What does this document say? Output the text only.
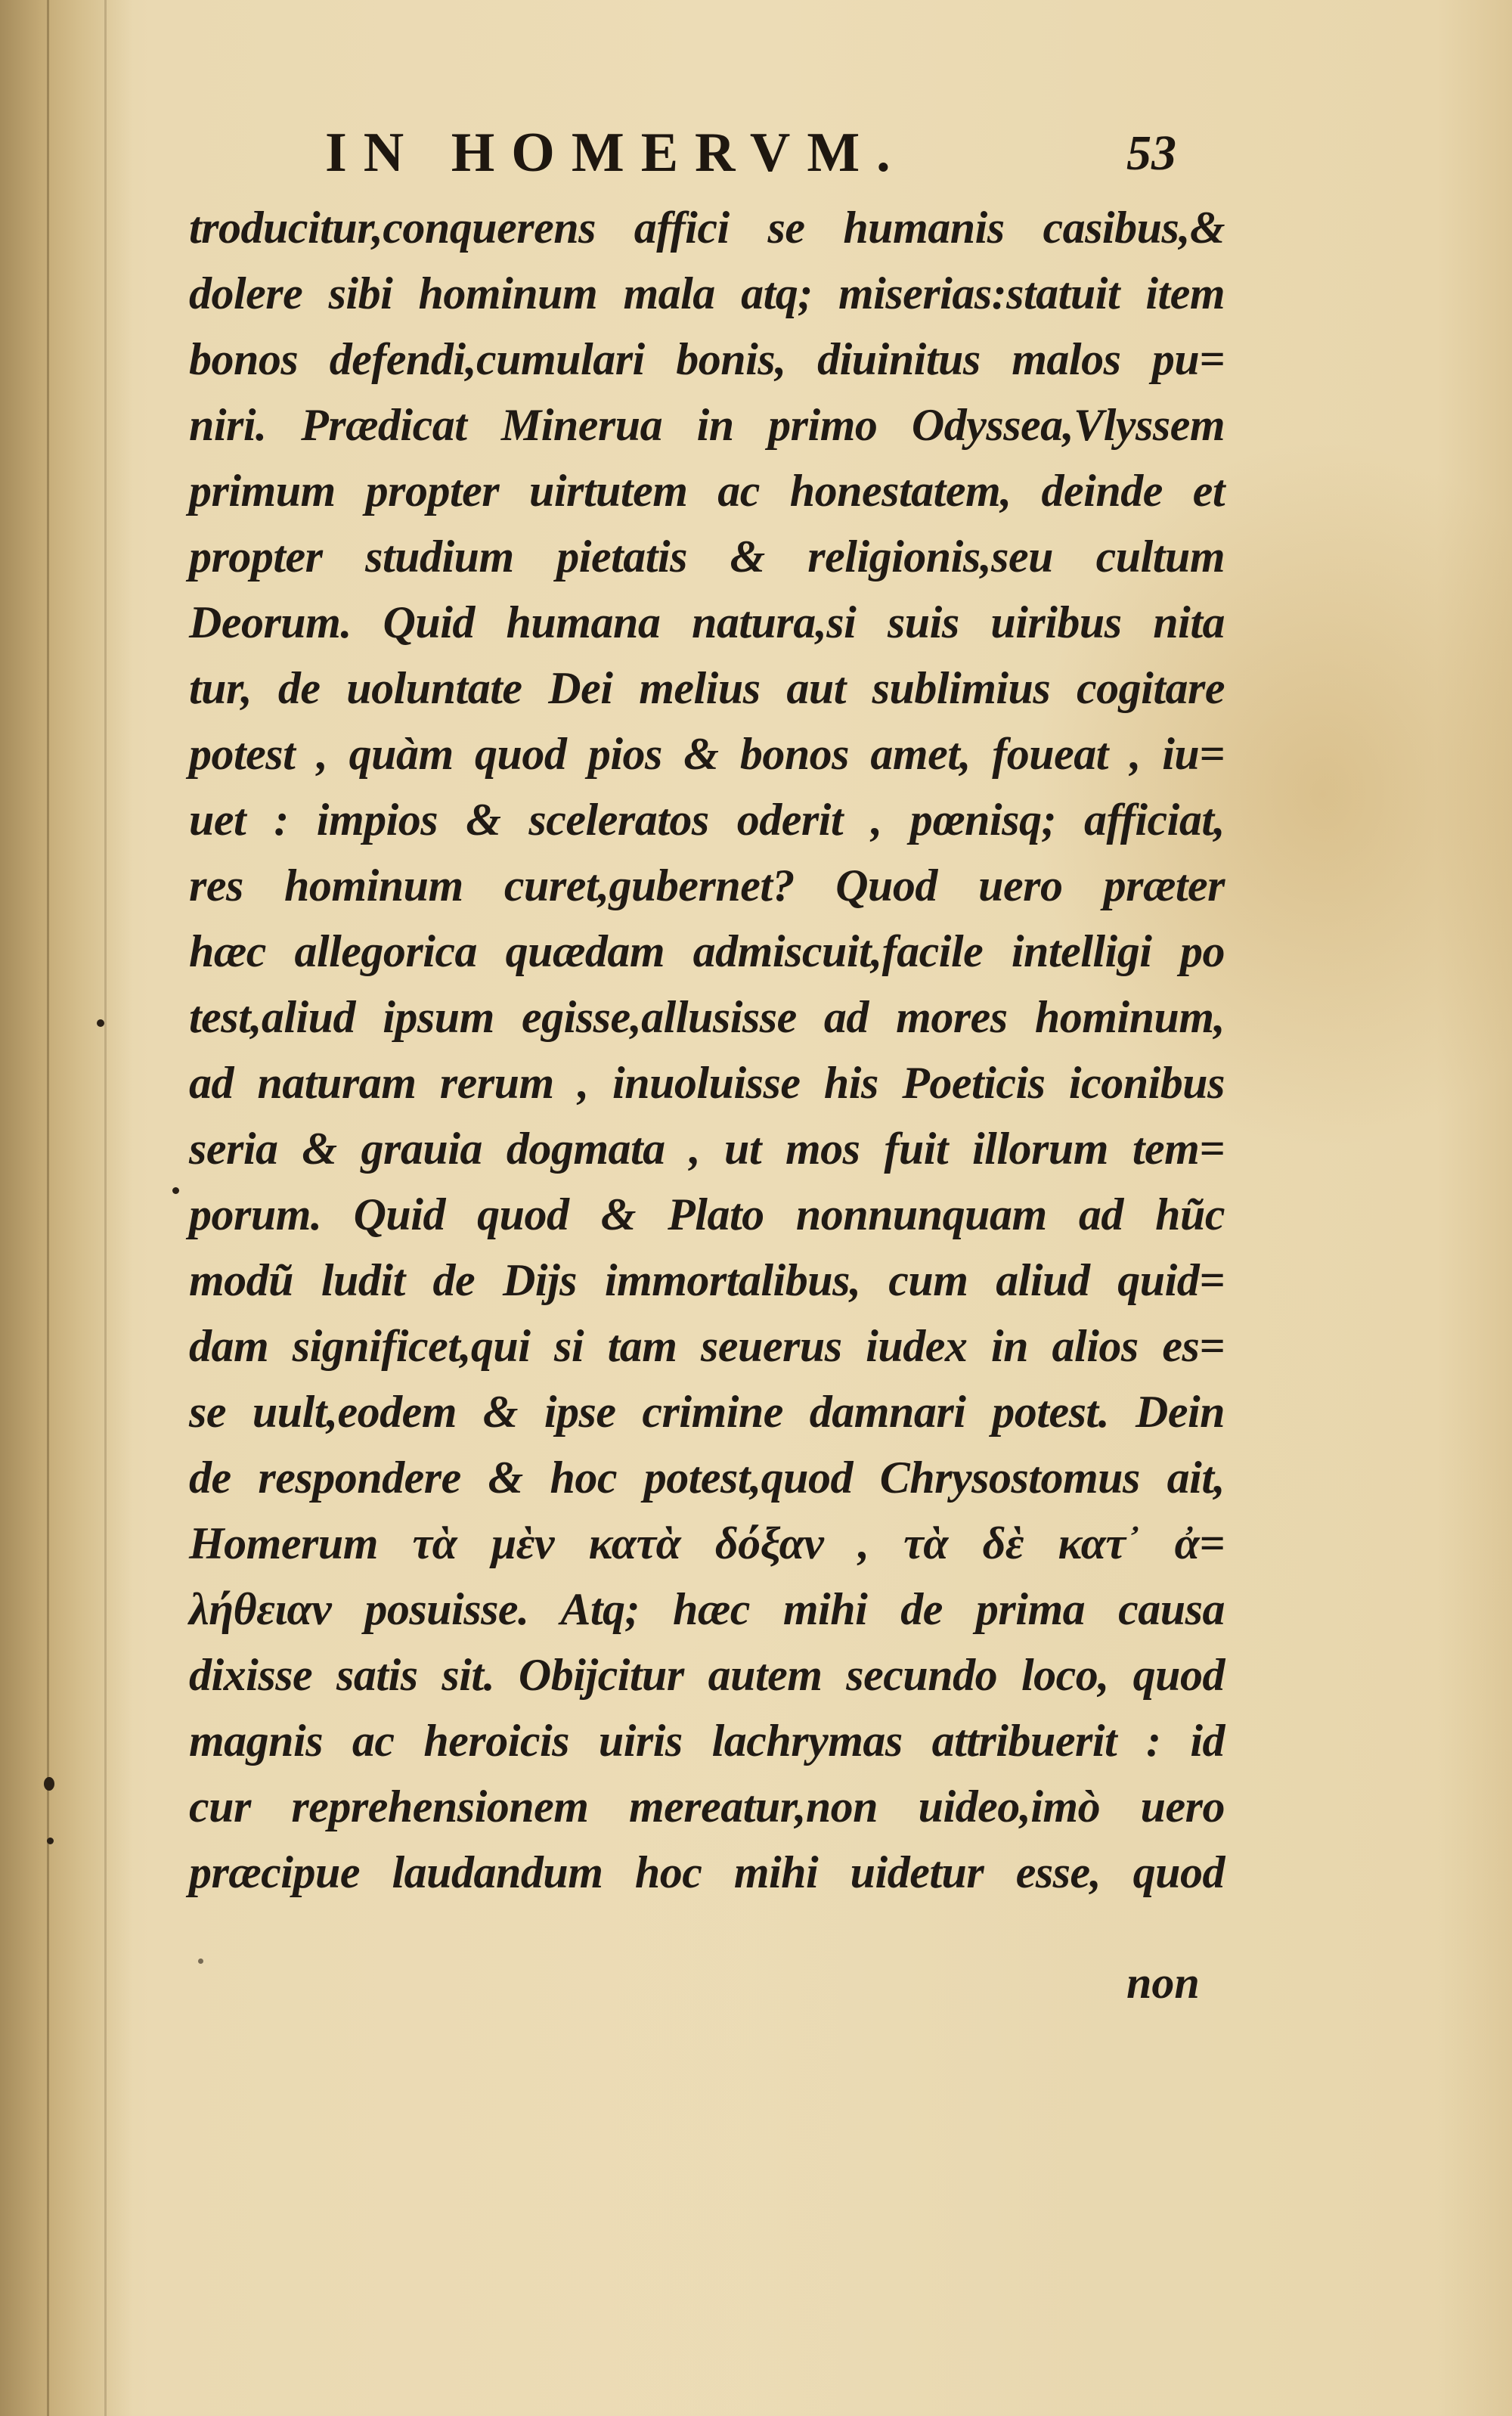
IN HOMERVM.	53
troducitur,conquerens affici se humanis casibus,&
dolere sibi hominum mala atq; miserias:statuit item
bonos defendi,cumulari bonis, diuinitus malos pu=
niri. Prædicat Mineruа in primo Odyssea,Vlyssem
primum propter uirtutem ac honestatem, deinde et
propter studium pietatis & religionis,seu cultum
Deorum. Quid humana natura,si suis uiribus nita
tur, de uoluntate Dei melius aut sublimius cogitare
potest , quàm quod pios & bonos amet, foueat , iu=
uet : impios & sceleratos oderit , pœnisq; afficiat,
res hominum curet,gubernet? Quod uero præter
hæc allegorica quædam admiscuit,facile intelligi po
test,aliud ipsum egisse,allusisse ad mores hominum,
ad naturam rerum , inuoluisse his Poeticis iconibus
seria & grauia dogmata , ut mos fuit illorum tem=
porum. Quid quod & Plato nonnunquam ad hũc
modũ ludit de Dijs immortalibus, cum aliud quid=
dam significet,qui si tam seuerus iudex in alios es=
se uult,eodem & ipse crimine damnari potest. Dein
de respondere & hoc potest,quod Chrysostomus ait,
Homerum τὰ μὲν κατὰ δόξαν , τὰ δὲ κατ᾽ ἀ=
λήθειαν posuisse. Atq; hæc mihi de prima causa
dixisse satis sit. Obijcitur autem secundo loco, quod
magnis ac heroicis uiris lachrymas attribuerit : id
cur reprehensionem mereatur,non uideo,imò uero
præcipue laudandum hoc mihi uidetur esse, quod
non
